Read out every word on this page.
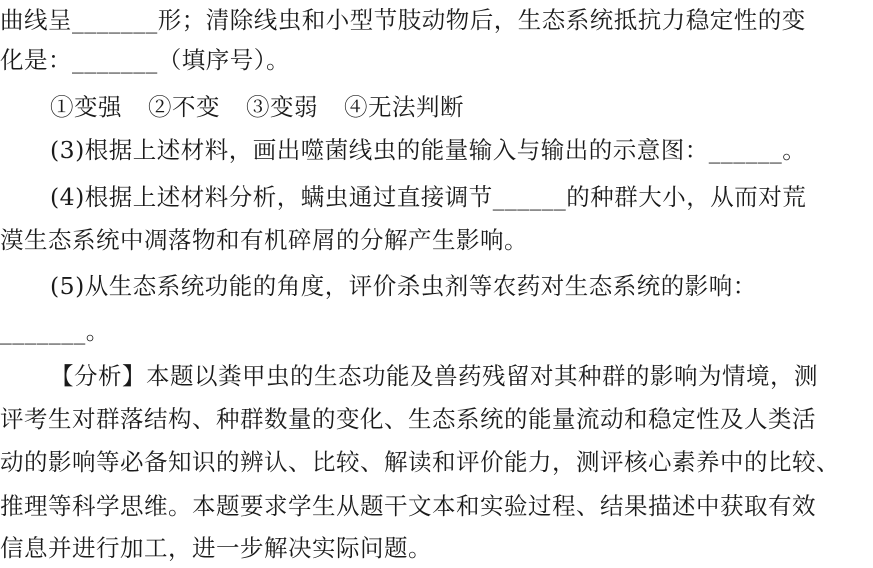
曲线呈_______形；清除线虫和小型节肢动物后，生态系统抵抗力稳定性的变
化是：_______（填序号）。
①变强 ②不变 ③变弱 ④无法判断
(3)根据上述材料，画出噬菌线虫的能量输入与输出的示意图：______。
(4)根据上述材料分析，螨虫通过直接调节______的种群大小，从而对荒
漠生态系统中凋落物和有机碎屑的分解产生影响。
(5)从生态系统功能的角度，评价杀虫剂等农药对生态系统的影响：
_______。
【分析】本题以粪甲虫的生态功能及兽药残留对其种群的影响为情境，测
评考生对群落结构、种群数量的变化、生态系统的能量流动和稳定性及人类活
动的影响等必备知识的辨认、比较、解读和评价能力，测评核心素养中的比较、
推理等科学思维。本题要求学生从题干文本和实验过程、结果描述中获取有效
信息并进行加工，进一步解决实际问题。
